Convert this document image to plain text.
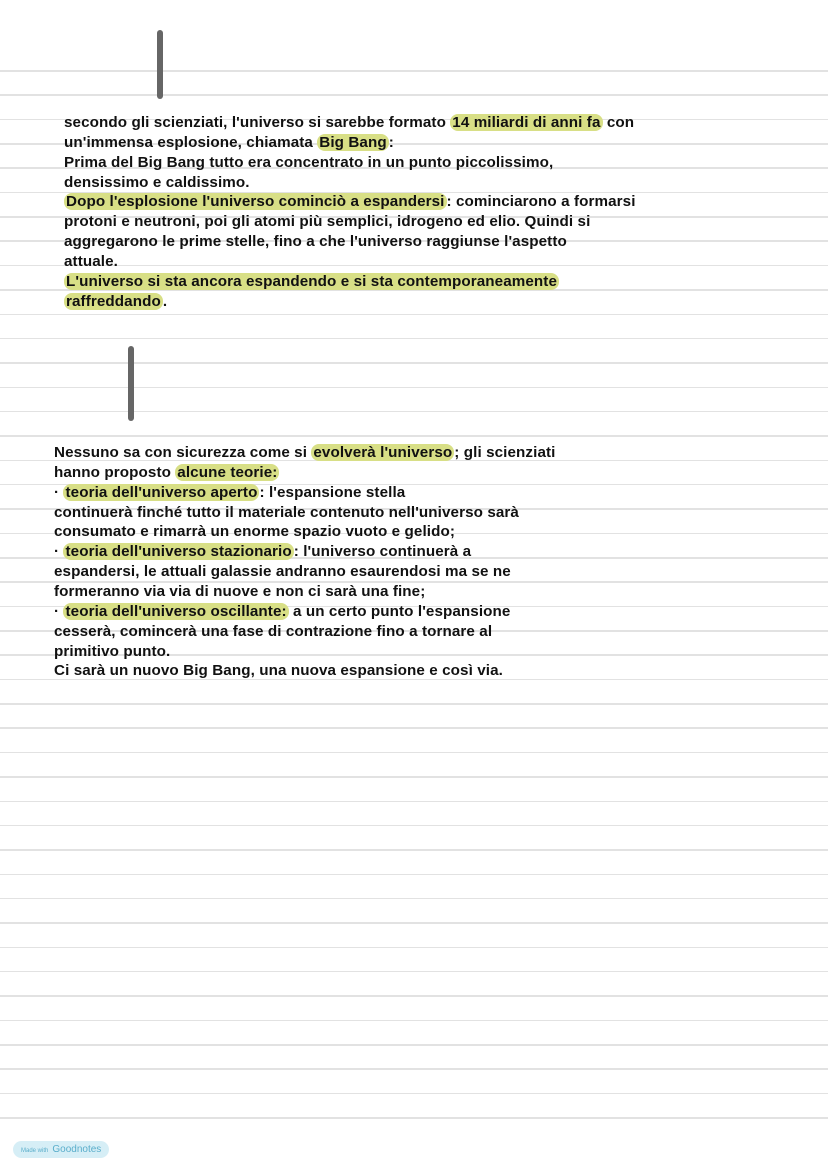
secondo gli scienziati, l'universo si sarebbe formato 14 miliardi di anni fa con
un'immensa esplosione, chiamata Big Bang :
Prima del Big Bang tutto era concentrato in un punto piccolissimo,
densissimo e caldissimo.
Dopo l'esplosione l'universo cominciò a espandersi : cominciarono a formarsi
protoni e neutroni, poi gli atomi più semplici, idrogeno ed elio. Quindi si
aggregarono le prime stelle, fino a che l'universo raggiunse l'aspetto
attuale.
L'universo si sta ancora espandendo e si sta contemporaneamente
raffreddando .
Nessuno sa con sicurezza come si evolverà l'universo ; gli scienziati
hanno proposto alcune teorie:
· teoria dell'universo aperto : l'espansione stella
continuerà finché tutto il materiale contenuto nell'universo sarà
consumato e rimarrà un enorme spazio vuoto e gelido;
· teoria dell'universo stazionario : l'universo continuerà a
espandersi, le attuali galassie andranno esaurendosi ma se ne
formeranno via via di nuove e non ci sarà una fine;
· teoria dell'universo oscillante: a un certo punto l'espansione
cesserà, comincerà una fase di contrazione fino a tornare al
primitivo punto.
Ci sarà un nuovo Big Bang, una nuova espansione e così via.
Made with Goodnotes
